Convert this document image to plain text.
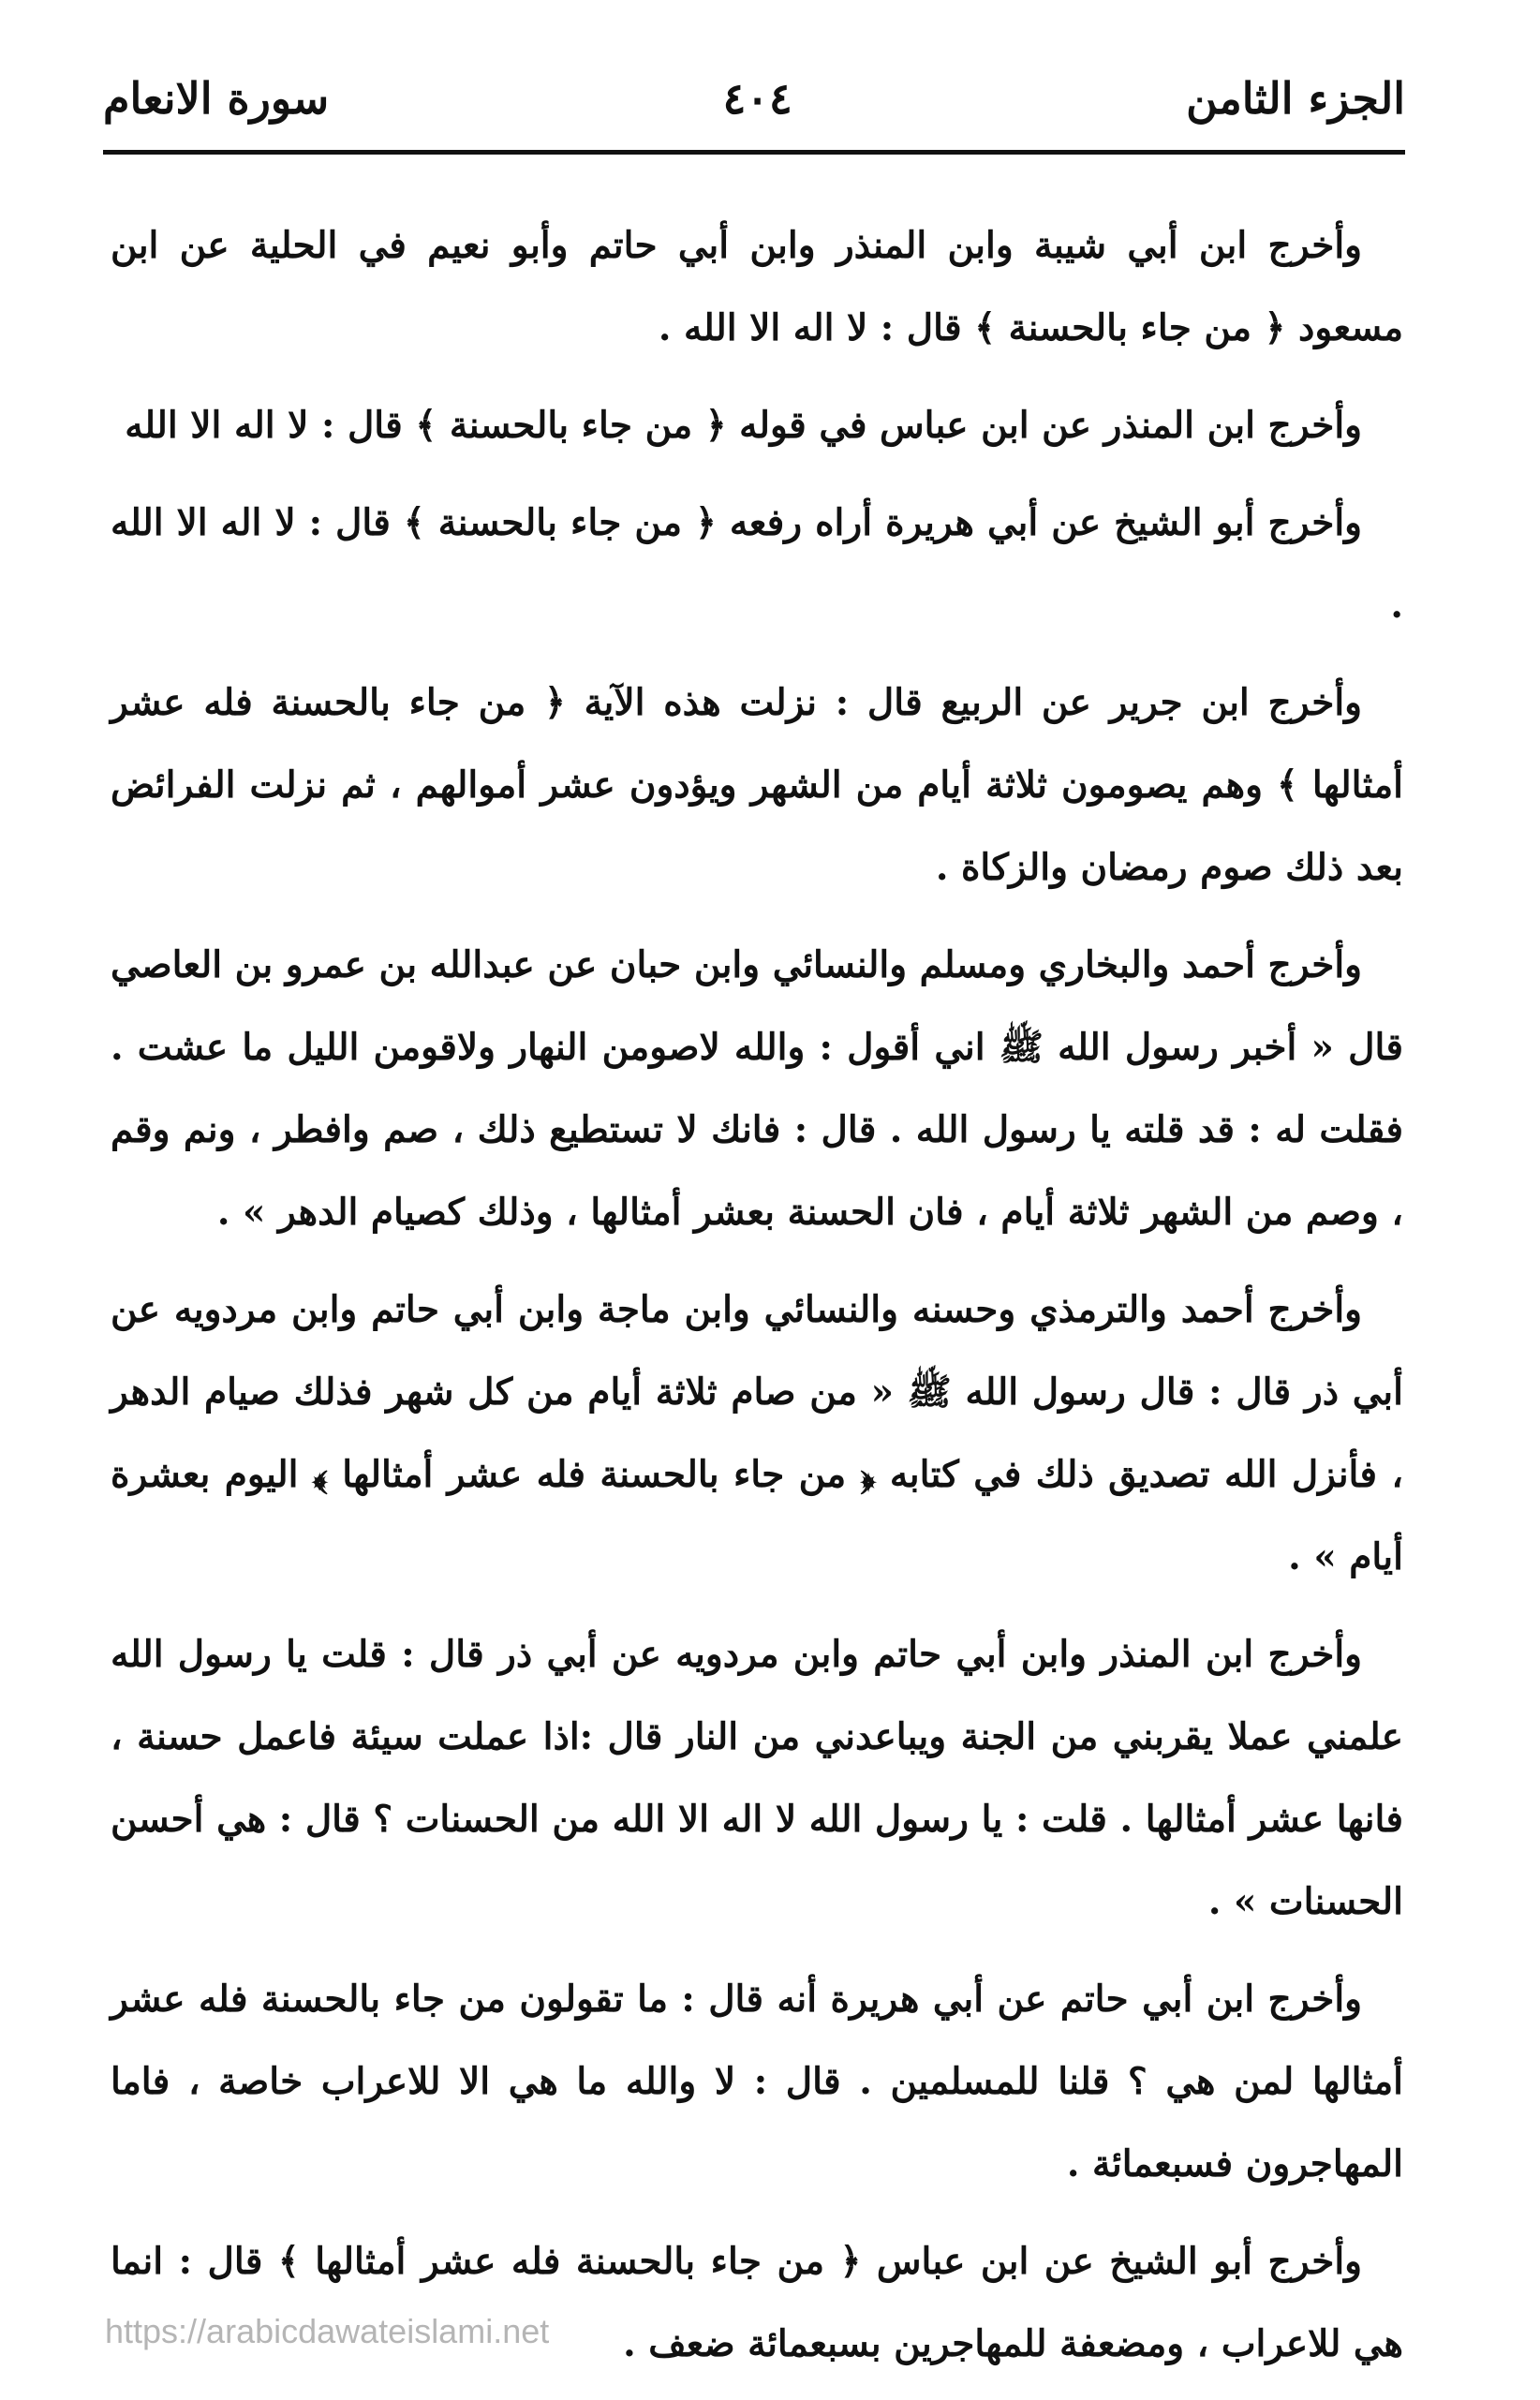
الجزء الثامن
٤٠٤
سورة الانعام

وأخرج ابن أبي شيبة وابن المنذر وابن أبي حاتم وأبو نعيم في الحلية عن ابن مسعود ﴿ من جاء بالحسنة ﴾ قال : لا اله الا الله .

وأخرج ابن المنذر عن ابن عباس في قوله ﴿ من جاء بالحسنة ﴾ قال : لا اله الا الله

وأخرج أبو الشيخ عن أبي هريرة أراه رفعه ﴿ من جاء بالحسنة ﴾ قال : لا اله الا الله .

وأخرج ابن جرير عن الربيع قال : نزلت هذه الآية ﴿ من جاء بالحسنة فله عشر أمثالها ﴾ وهم يصومون ثلاثة أيام من الشهر ويؤدون عشر أموالهم ، ثم نزلت الفرائض بعد ذلك صوم رمضان والزكاة .

وأخرج أحمد والبخاري ومسلم والنسائي وابن حبان عن عبدالله بن عمرو بن العاصي قال « أخبر رسول الله ﷺ اني أقول : والله لاصومن النهار ولاقومن الليل ما عشت . فقلت له : قد قلته يا رسول الله . قال : فانك لا تستطيع ذلك ، صم وافطر ، ونم وقم ، وصم من الشهر ثلاثة أيام ، فان الحسنة بعشر أمثالها ، وذلك كصيام الدهر » .

وأخرج أحمد والترمذي وحسنه والنسائي وابن ماجة وابن أبي حاتم وابن مردويه عن أبي ذر قال : قال رسول الله ﷺ « من صام ثلاثة أيام من كل شهر فذلك صيام الدهر ، فأنزل الله تصديق ذلك في كتابه ﴿ من جاء بالحسنة فله عشر أمثالها ﴾ اليوم بعشرة أيام » .

وأخرج ابن المنذر وابن أبي حاتم وابن مردويه عن أبي ذر قال : قلت يا رسول الله علمني عملا يقربني من الجنة ويباعدني من النار قال :اذا عملت سيئة فاعمل حسنة ، فانها عشر أمثالها . قلت : يا رسول الله لا اله الا الله من الحسنات ؟ قال : هي أحسن الحسنات » .

وأخرج ابن أبي حاتم عن أبي هريرة أنه قال : ما تقولون من جاء بالحسنة فله عشر أمثالها لمن هي ؟ قلنا للمسلمين . قال : لا والله ما هي الا للاعراب خاصة ، فاما المهاجرون فسبعمائة .

وأخرج أبو الشيخ عن ابن عباس ﴿ من جاء بالحسنة فله عشر أمثالها ﴾ قال : انما هي للاعراب ، ومضعفة للمهاجرين بسبعمائة ضعف .

https://arabicdawateislami.net
